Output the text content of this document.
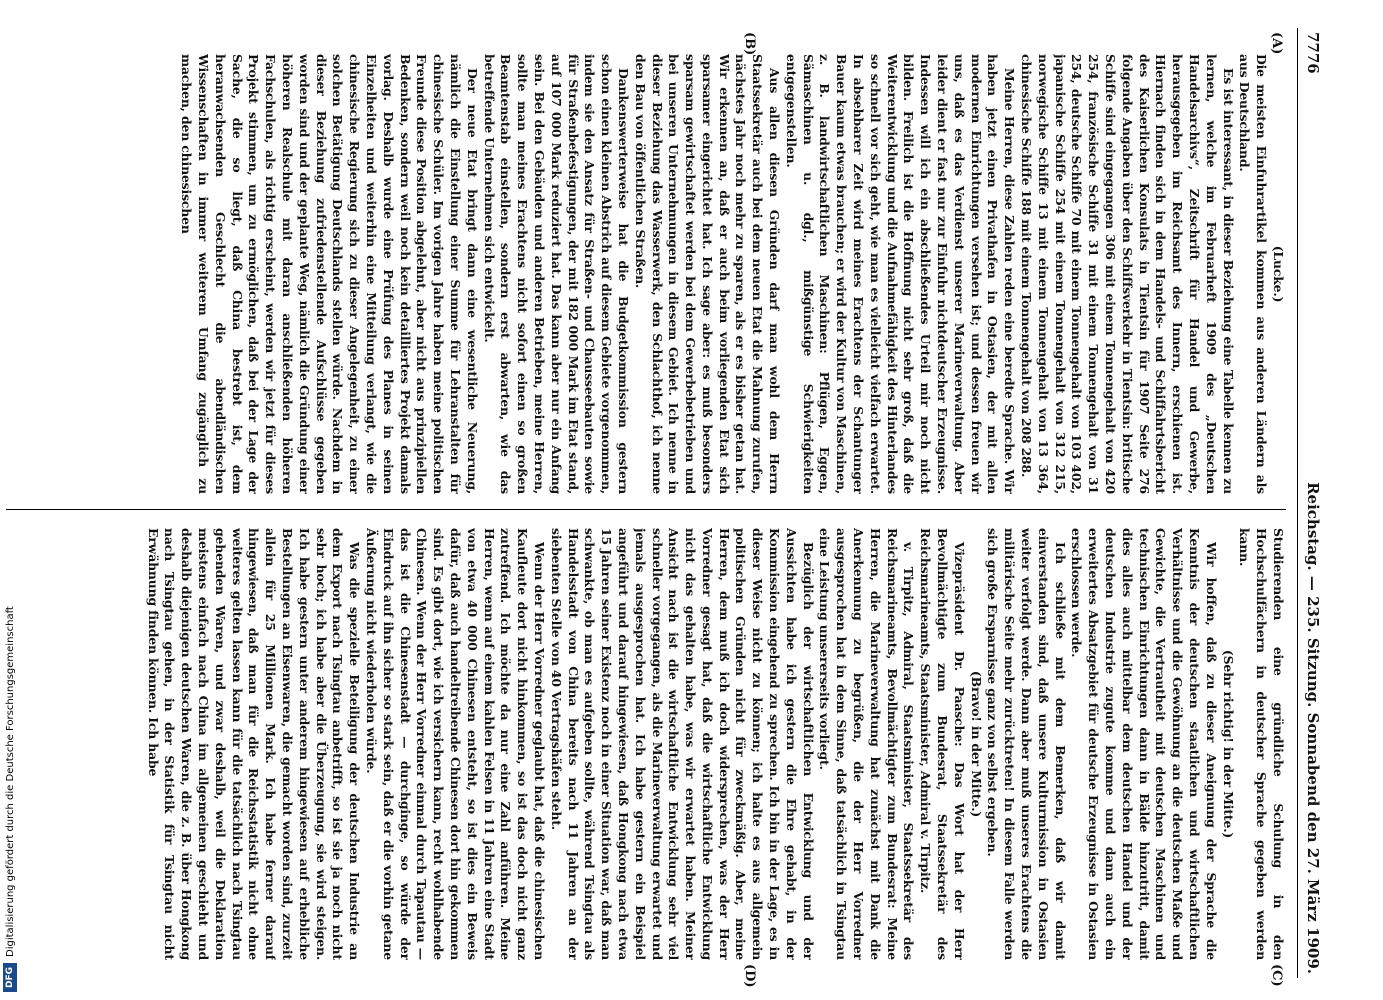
7776
Reichstag. — 235. Sitzung. Sonnabend den 27. März 1909.
(A)
(B)
(C)
(D)

(Lucke.)

Die meisten Einfuhrartikel kommen aus anderen Ländern als aus Deutschland.

Es ist interessant, in dieser Beziehung eine Tabelle kennen zu lernen, welche im Februarheft 1909 des „Deutschen Handelsarchivs“, Zeitschrift für Handel und Gewerbe, herausgegeben im Reichsamt des Innern, erschienen ist. Hiernach finden sich in dem Handels- und Schiffahrtsbericht des Kaiserlichen Konsulats in Tientsin für 1907 Seite 276 folgende Angaben über den Schiffsverkehr in Tientsin: britische Schiffe sind eingegangen 306 mit einem Tonnengehalt von 420 254, französische Schiffe 31 mit einem Tonnengehalt von 31 254, deutsche Schiffe 70 mit einem Tonnengehalt von 103 402, japanische Schiffe 254 mit einem Tonnengehalt von 312 215, norwegische Schiffe 13 mit einem Tonnengehalt von 13 364, chinesische Schiffe 188 mit einem Tonnengehalt von 208 288.

Meine Herren, diese Zahlen reden eine beredte Sprache. Wir haben jetzt einen Privathafen in Ostasien, der mit allen modernen Einrichtungen versehen ist; und dessen freuen wir uns, daß es das Verdienst unserer Marineverwaltung. Aber leider dient er fast nur zur Einfuhr nichtdeutscher Erzeugnisse. Indessen will ich ein abschließendes Urteil mir noch nicht bilden. Freilich ist die Hoffnung nicht sehr groß, daß die Weiterentwicklung und die Aufnahmefähigkeit des Hinterlandes so schnell vor sich geht, wie man es vielleicht vielfach erwartet. In absehbarer Zeit wird meines Erachtens der Schantunger Bauer kaum etwas brauchen; er wird der Kultur von Maschinen, z. B. landwirtschaftlichen Maschinen: Pflügen, Eggen, Sämaschinen u. dgl., mißgünstige Schwierigkeiten entgegenstellen.

Aus allen diesen Gründen darf man wohl dem Herrn Staatssekretär auch bei dem neuen Etat die Mahnung zurufen, nächstes Jahr noch mehr zu sparen, als er es bisher getan hat. Wir erkennen an, daß er auch beim vorliegenden Etat sich sparsamer eingerichtet hat. Ich sage aber: es muß besonders sparsam gewirtschaftet werden bei dem Gewerbebetrieben und bei unseren Unternehmungen in diesem Gebiet. Ich nenne in dieser Beziehung das Wasserwerk, den Schlachthof, ich nenne den Bau von öffentlichen Straßen.

Dankenswerterweise hat die Budgetkommission gestern schon einen kleinen Abstrich auf diesem Gebiete vorgenommen, indem sie den Ansatz für Straßen- und Chausseebauten sowie für Straßenbefestigungen, der mit 182 000 Mark im Etat stand, auf 107 000 Mark reduziert hat. Das kann aber nur ein Anfang sein. Bei den Gebäuden und anderen Betrieben, meine Herren, sollte man meines Erachtens nicht sofort einen so großen Beamtenstab einstellen, sondern erst abwarten, wie das betreffende Unternehmen sich entwickelt.

Der neue Etat bringt dann eine wesentliche Neuerung, nämlich die Einstellung einer Summe für Lehranstalten für chinesische Schüler. Im vorigen Jahre haben meine politischen Freunde diese Position abgelehnt, aber nicht aus prinzipiellen Bedenken, sondern weil noch kein detailliertes Projekt damals vorlag. Deshalb wurde eine Prüfung des Planes in seinen Einzelheiten und weiterhin eine Mitteilung verlangt, wie die chinesische Regierung sich zu dieser Angelegenheit, zu einer solchen Betätigung Deutschlands stellen würde. Nachdem in dieser Beziehung zufriedenstellende Aufschlüsse gegeben worden sind und der geplante Weg, nämlich die Gründung einer höheren Realschule mit daran anschließenden höheren Fachschulen, als richtig erscheint, werden wir jetzt für dieses Projekt stimmen, um zu ermöglichen, daß bei der Lage der Sache, die so liegt, daß China bestrebt ist, dem heranwachsenden Geschlecht die abendländischen Wissenschaften in immer weiterem Umfang zugänglich zu machen, den chinesischen

Studierenden eine gründliche Schulung in den Hochschulfächern in deutscher Sprache gegeben werden kann.

(Sehr richtig! in der Mitte.)

Wir hoffen, daß zu dieser Aneignung der Sprache die Kenntnis der deutschen staatlichen und wirtschaftlichen Verhältnisse und die Gewöhnung an die deutschen Maße und Gewichte, die Vertrautheit mit deutschen Maschinen und technischen Einrichtungen dann in Bälde hinzutritt, damit dies alles auch mittelbar dem deutschen Handel und der deutschen Industrie zugute komme und dann auch ein erweitertes Absatzgebiet für deutsche Erzeugnisse in Ostasien erschlossen werde.

Ich schließe mit dem Bemerken, daß wir damit einverstanden sind, daß unsere Kulturmission in Ostasien weiter verfolgt werde. Dann aber muß unseres Erachtens die militärische Seite mehr zurücktreten! In diesem Falle werden sich große Ersparnisse ganz von selbst ergeben.

(Bravo! in der Mitte.)

Vizepräsident Dr. Paasche: Das Wort hat der Herr Bevollmächtigte zum Bundesrat, Staatssekretär des Reichsmarineamts, Staatsminister, Admiral v. Tirpitz.

v. Tirpitz, Admiral, Staatsminister, Staatssekretär des Reichsmarineamts, Bevollmächtigter zum Bundesrat: Meine Herren, die Marineverwaltung hat zunächst mit Dank die Anerkennung zu begrüßen, die der Herr Vorredner ausgesprochen hat in dem Sinne, daß tatsächlich in Tsingtau eine Leistung unsererseits vorliegt.

Bezüglich der wirtschaftlichen Entwicklung und der Aussichten habe ich gestern die Ehre gehabt, in der Kommission eingehend zu sprechen. Ich bin in der Lage, es in dieser Weise nicht zu können; ich halte es aus allgemein politischen Gründen nicht für zweckmäßig. Aber, meine Herren, dem muß ich doch widersprechen, was der Herr Vorredner gesagt hat, daß die wirtschaftliche Entwicklung nicht das gehalten habe, was wir erwartet haben. Meiner Ansicht nach ist die wirtschaftliche Entwicklung sehr viel schneller vorgegangen, als die Marineverwaltung erwartet und jemals ausgesprochen hat. Ich habe gestern ein Beispiel angeführt und darauf hingewiesen, daß Hongkong nach etwa 15 Jahren seiner Existenz noch in einer Situation war, daß man schwankte, ob man es aufgeben sollte, während Tsingtau als Handelsstadt von China bereits nach 11 Jahren an der siebenten Stelle von 40 Vertragshäfen steht.

Wenn der Herr Vorredner geglaubt hat, daß die chinesischen Kaufleute dort nicht hinkommen, so ist das doch nicht ganz zutreffend. Ich möchte da nur eine Zahl anführen. Meine Herren, wenn auf einem kahlen Felsen in 11 Jahren eine Stadt von etwa 40 000 Chinesen entsteht, so ist dies ein Beweis dafür, daß auch handeltreibende Chinesen dort hin gekommen sind. Es gibt dort, wie ich versichern kann, recht wohlhabende Chinesen. Wenn der Herr Vorredner einmal durch Tapautau — das ist die Chinesenstadt — durchginge, so würde der Eindruck auf ihn sicher so stark sein, daß er die vorhin getane Äußerung nicht wiederholen würde.

Was die spezielle Beteiligung der deutschen Industrie an dem Export nach Tsingtau anbetrifft, so ist sie ja noch nicht sehr hoch; ich habe aber die Überzeugung, sie wird steigen. Ich habe gestern unter anderem hingewiesen auf erhebliche Bestellungen an Eisenwaren, die gemacht worden sind, zurzeit allein für 25 Millionen Mark. Ich habe ferner darauf hingewiesen, daß man für die Reichsstatistik nicht ohne weiteres gelten lassen kann für die tatsächlich nach Tsingtau gehenden Waren, und zwar deshalb, weil die Deklaration meistens einfach nach China im allgemeinen geschieht und deshalb diejenigen deutschen Waren, die z. B. über Hongkong nach Tsingtau gehen, in der Statistik für Tsingtau nicht Erwähnung finden können. Ich habe

DFG
Digitalisierung gefördert durch die Deutsche Forschungsgemeinschaft
